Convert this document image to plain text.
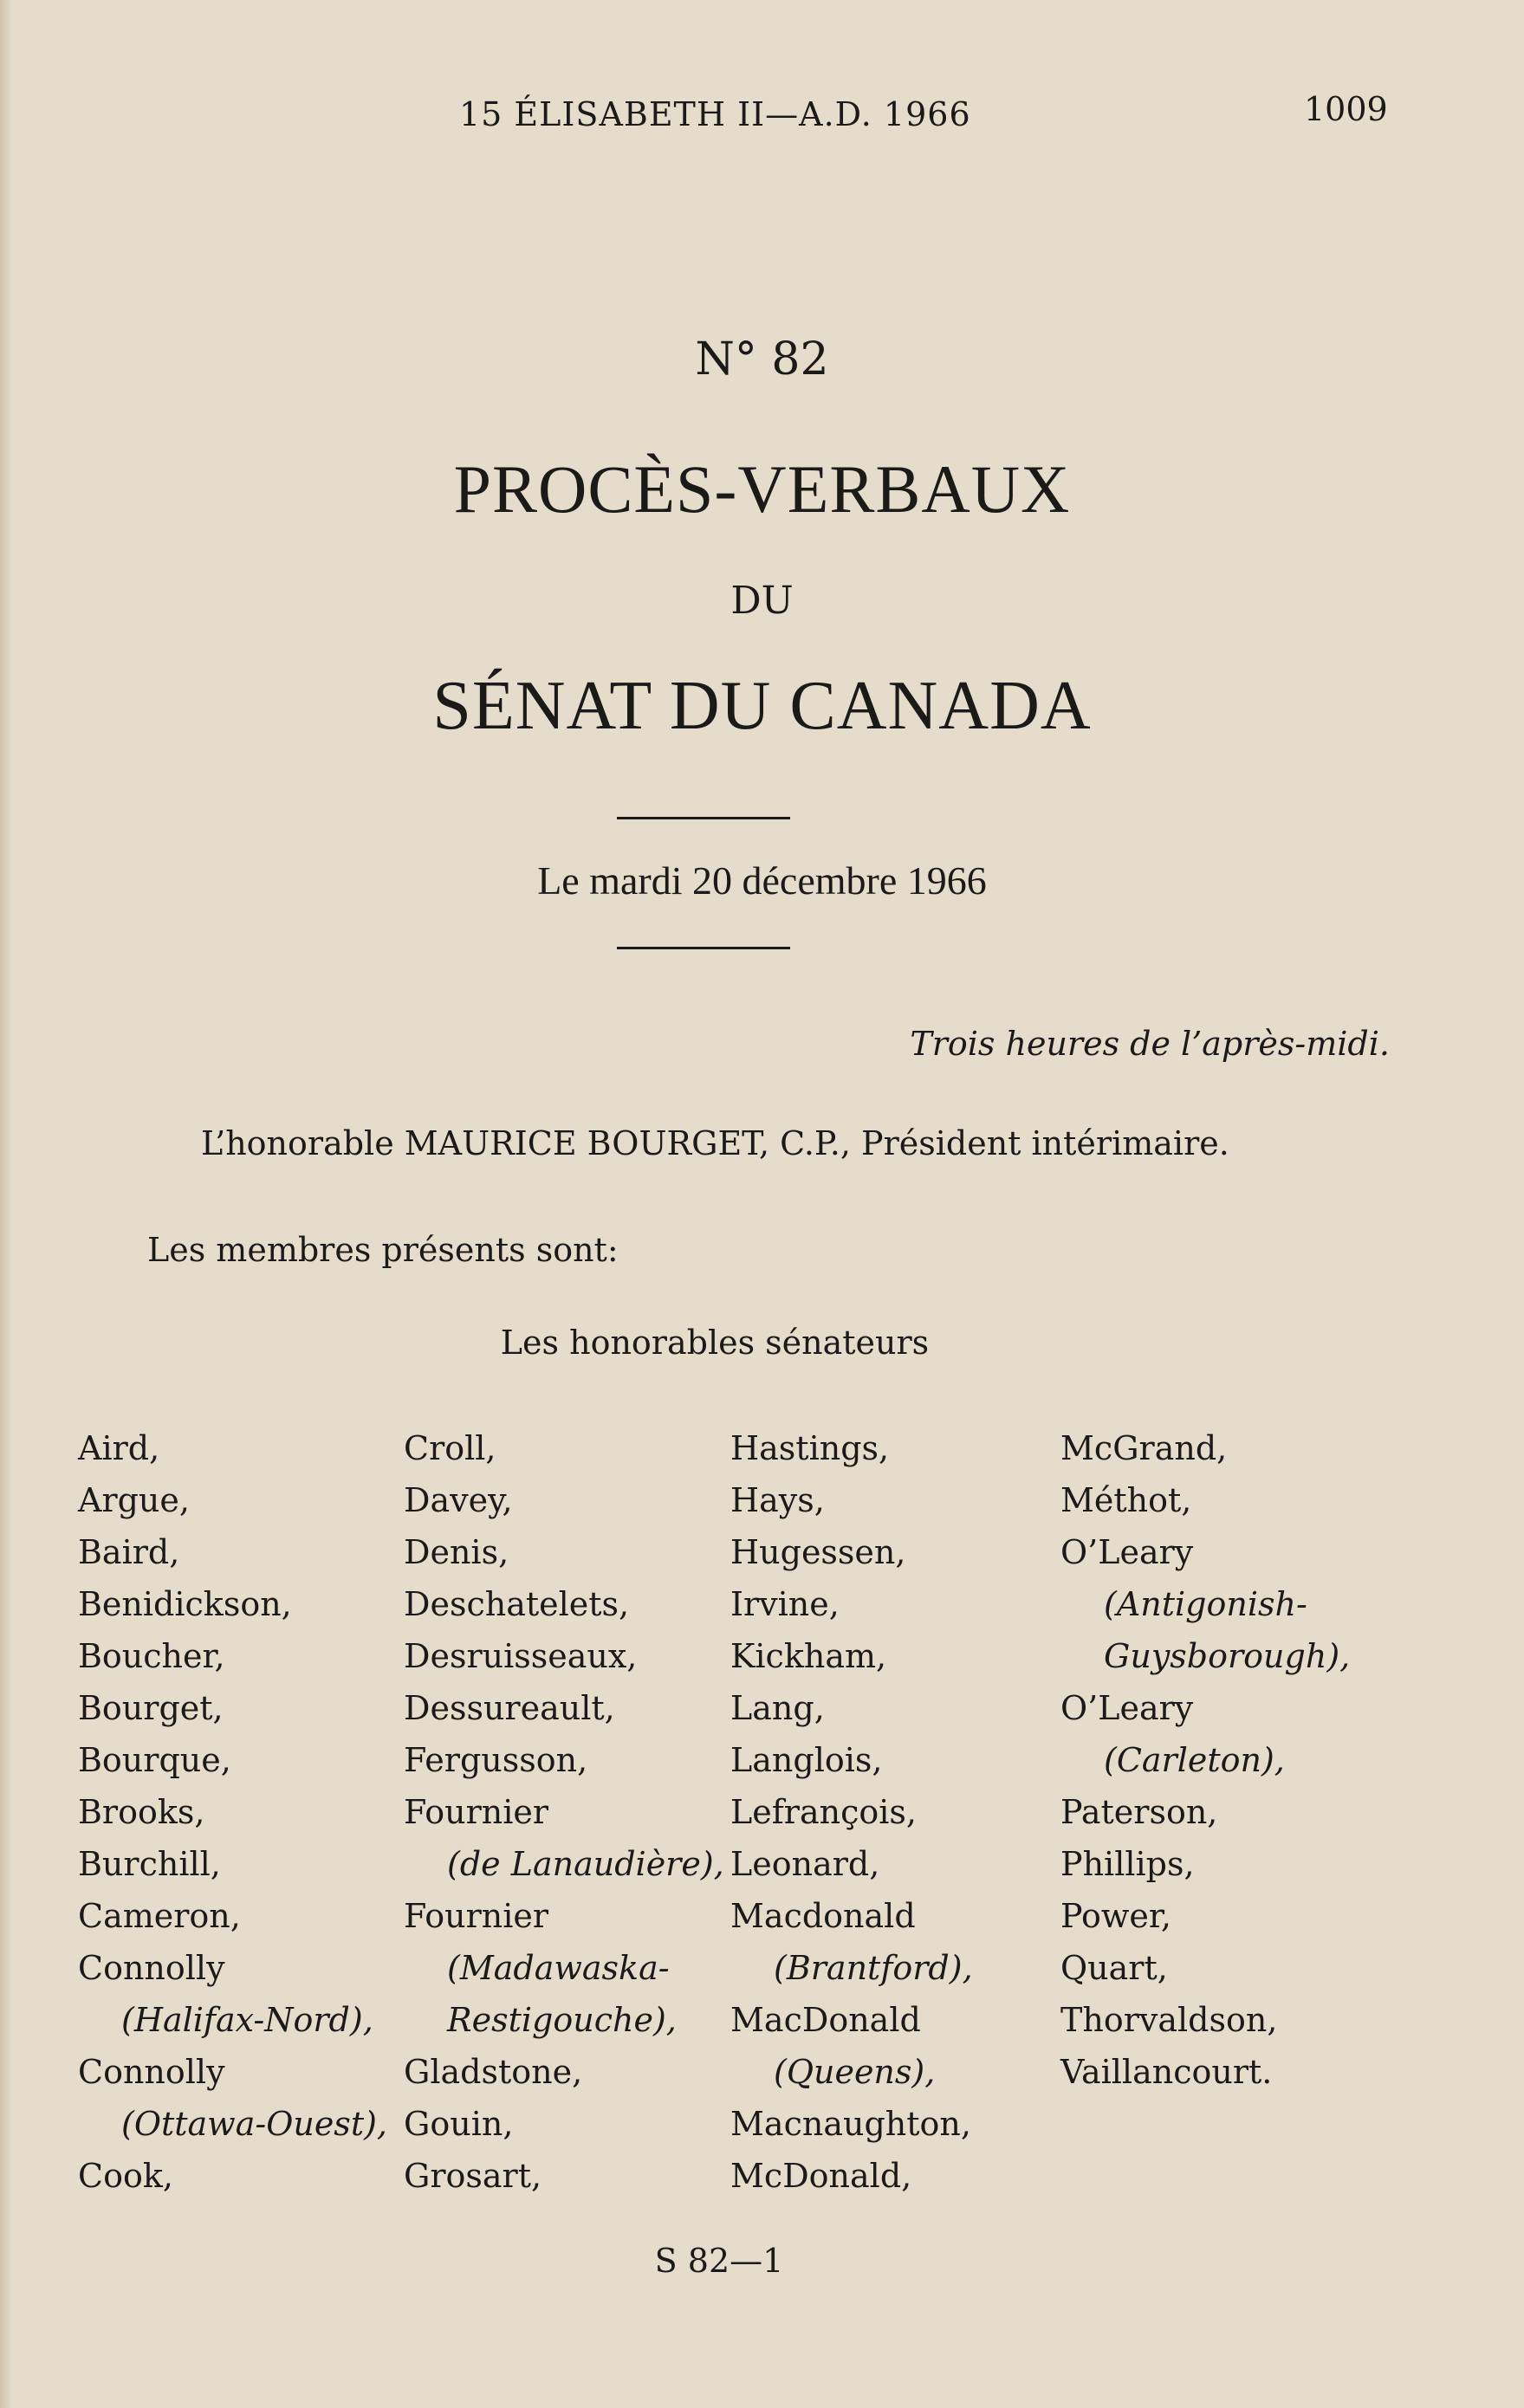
15 ÉLISABETH II—A.D. 1966	1009
N° 82
PROCÈS-VERBAUX
DU
SÉNAT DU CANADA
Le mardi 20 décembre 1966
Trois heures de l’après-midi.
L’honorable MAURICE BOURGET, C.P., Président intérimaire.
Les membres présents sont:
Les honorables sénateurs
Aird,
Argue,
Baird,
Benidickson,
Boucher,
Bourget,
Bourque,
Brooks,
Burchill,
Cameron,
Connolly
(Halifax-Nord),
Connolly
(Ottawa-Ouest),
Cook,
Croll,
Davey,
Denis,
Deschatelets,
Desruisseaux,
Dessureault,
Fergusson,
Fournier
(de Lanaudière),
Fournier
(Madawaska-
Restigouche),
Gladstone,
Gouin,
Grosart,
Hastings,
Hays,
Hugessen,
Irvine,
Kickham,
Lang,
Langlois,
Lefrançois,
Leonard,
Macdonald
(Brantford),
MacDonald
(Queens),
Macnaughton,
McDonald,
McGrand,
Méthot,
O’Leary
(Antigonish-
Guysborough),
O’Leary
(Carleton),
Paterson,
Phillips,
Power,
Quart,
Thorvaldson,
Vaillancourt.
S 82—1
